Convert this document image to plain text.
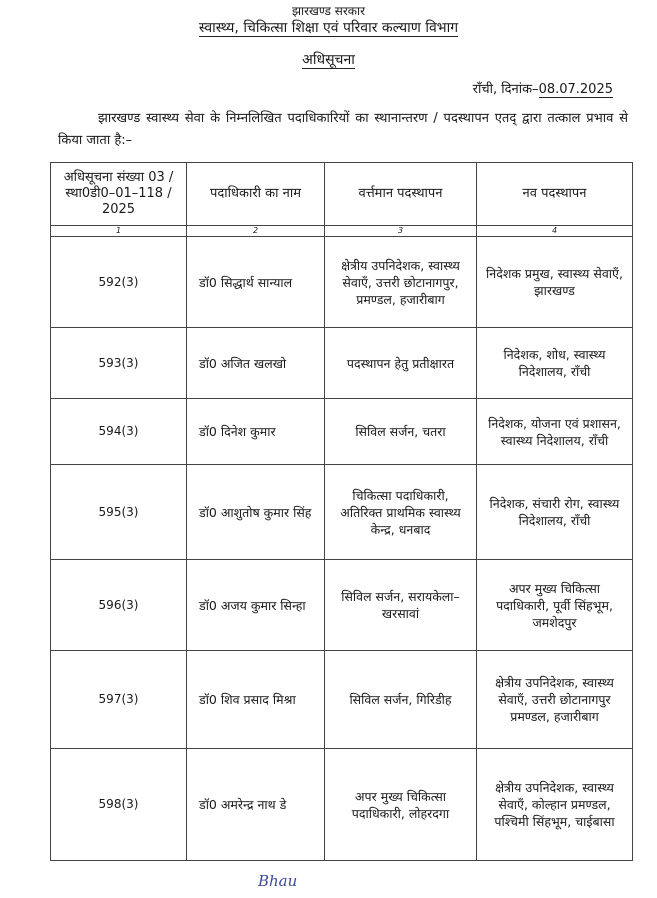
झारखण्ड सरकार
स्वास्थ्य, चिकित्सा शिक्षा एवं परिवार कल्याण विभाग
अधिसूचना
राँची, दिनांक–08.07.2025
झारखण्ड स्वास्थ्य सेवा के निम्नलिखित पदाधिकारियों का स्थानान्तरण / पदस्थापन एतद् द्वारा तत्काल प्रभाव से किया जाता है:–
अधिसूचना संख्या 03 / स्था0डी0–01–118 / 2025	पदाधिकारी का नाम	वर्त्तमान पदस्थापन	नव पदस्थापन
1	2	3	4
592(3)	डॉ0 सिद्धार्थ सान्याल	क्षेत्रीय उपनिदेशक, स्वास्थ्य सेवाएँ, उत्तरी छोटानागपुर, प्रमण्डल, हजारीबाग	निदेशक प्रमुख, स्वास्थ्य सेवाएँ, झारखण्ड
593(3)	डॉ0 अजित खलखो	पदस्थापन हेतु प्रतीक्षारत	निदेशक, शोध, स्वास्थ्य निदेशालय, राँची
594(3)	डॉ0 दिनेश कुमार	सिविल सर्जन, चतरा	निदेशक, योजना एवं प्रशासन, स्वास्थ्य निदेशालय, राँची
595(3)	डॉ0 आशुतोष कुमार सिंह	चिकित्सा पदाधिकारी, अतिरिक्त प्राथमिक स्वास्थ्य केन्द्र, धनबाद	निदेशक, संचारी रोग, स्वास्थ्य निदेशालय, राँची
596(3)	डॉ0 अजय कुमार सिन्हा	सिविल सर्जन, सरायकेला–खरसावां	अपर मुख्य चिकित्सा पदाधिकारी, पूर्वी सिंहभूम, जमशेदपुर
597(3)	डॉ0 शिव प्रसाद मिश्रा	सिविल सर्जन, गिरिडीह	क्षेत्रीय उपनिदेशक, स्वास्थ्य सेवाएँ, उत्तरी छोटानागपुर प्रमण्डल, हजारीबाग
598(3)	डॉ0 अमरेन्द्र नाथ डे	अपर मुख्य चिकित्सा पदाधिकारी, लोहरदगा	क्षेत्रीय उपनिदेशक, स्वास्थ्य सेवाएँ, कोल्हान प्रमण्डल, पश्चिमी सिंहभूम, चाईबासा
Bhau
